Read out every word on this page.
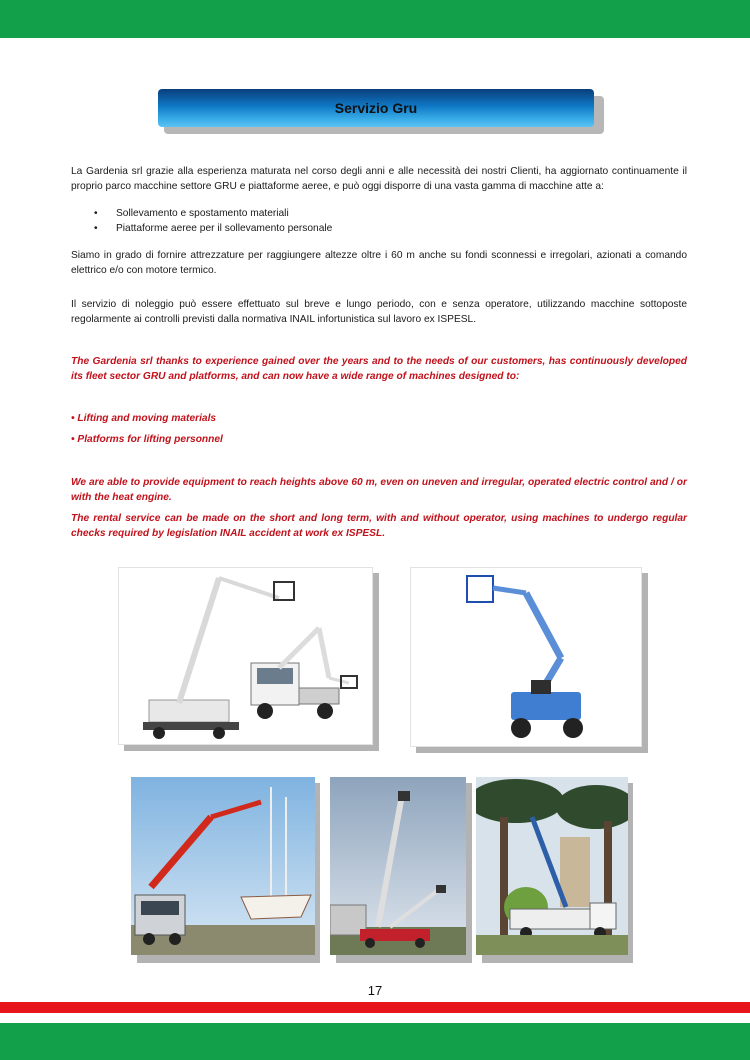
Servizio Gru
La Gardenia srl grazie alla esperienza maturata nel corso degli anni e alle necessità dei nostri Clienti, ha aggiornato continuamente il proprio parco macchine settore GRU e piattaforme aeree, e può oggi disporre di una vasta gamma di macchine atte a:
• Sollevamento e spostamento materiali
• Piattaforme aeree per il sollevamento personale
Siamo in grado di fornire attrezzature per raggiungere altezze oltre i 60 m anche su fondi sconnessi e irregolari, azionati a comando elettrico e/o con motore termico.
Il servizio di noleggio può essere effettuato sul breve e lungo periodo, con e senza operatore, utilizzando macchine sottoposte regolarmente ai controlli previsti dalla normativa INAIL infortunistica sul lavoro ex ISPESL.
The Gardenia srl thanks to experience gained over the years and to the needs of our customers, has continuously developed its fleet sector GRU and platforms, and can now have a wide range of machines designed to:
• Lifting and moving materials
• Platforms for lifting personnel
We are able to provide equipment to reach heights above 60 m, even on uneven and irregular, operated electric control and / or with the heat engine.
The rental service can be made on the short and long term, with and without operator, using machines to undergo regular checks required by legislation INAIL accident at work ex ISPESL.
17
